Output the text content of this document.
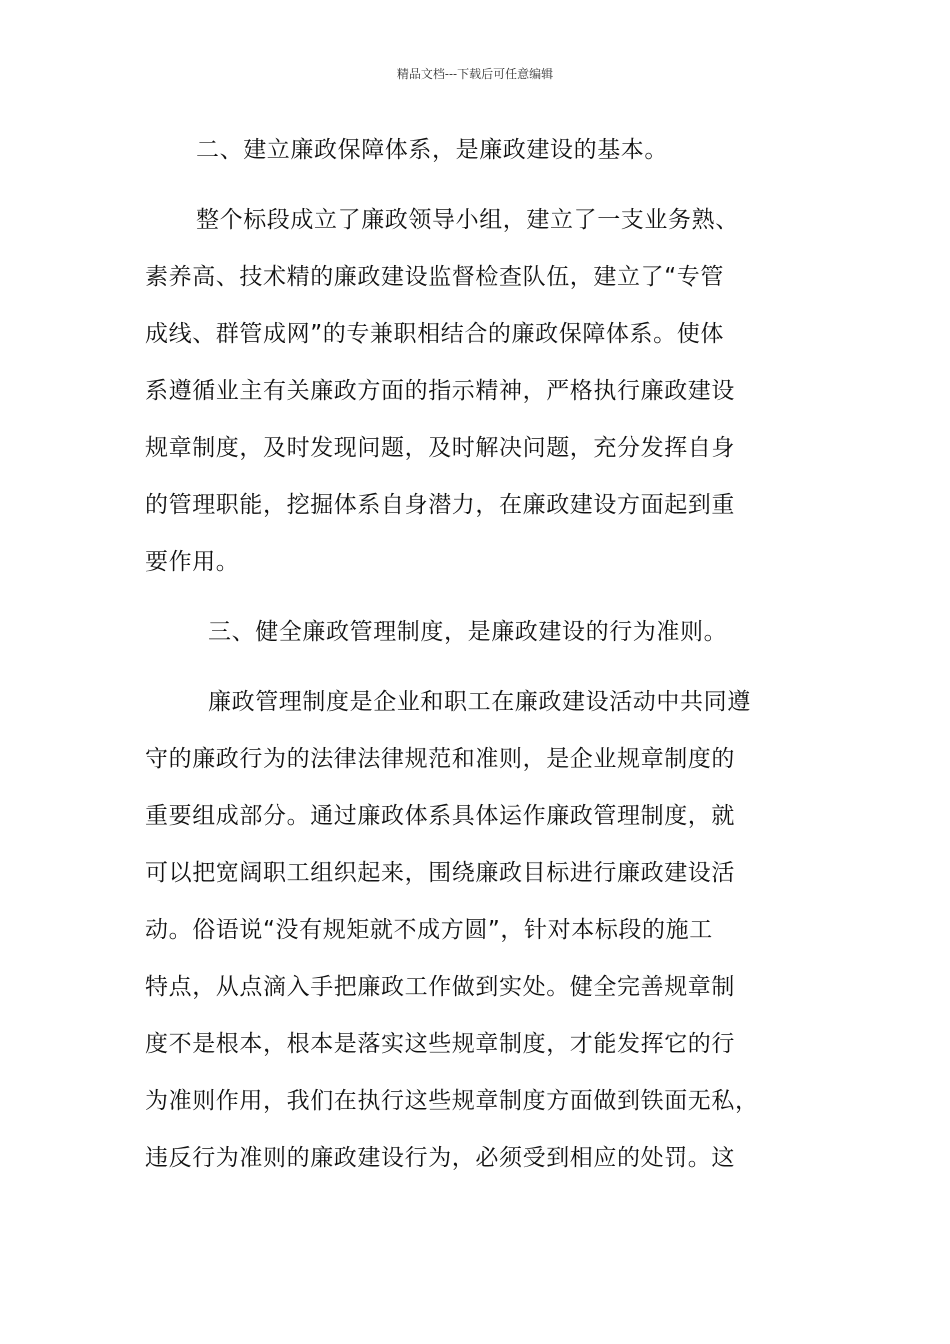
精品文档---下载后可任意编辑
二、建立廉政保障体系，是廉政建设的基本。
整个标段成立了廉政领导小组，建立了一支业务熟、
素养高、技术精的廉政建设监督检查队伍，建立了“专管
成线、群管成网”的专兼职相结合的廉政保障体系。使体
系遵循业主有关廉政方面的指示精神，严格执行廉政建设
规章制度，及时发现问题，及时解决问题，充分发挥自身
的管理职能，挖掘体系自身潜力，在廉政建设方面起到重
要作用。
三、健全廉政管理制度，是廉政建设的行为准则。
廉政管理制度是企业和职工在廉政建设活动中共同遵
守的廉政行为的法律法律规范和准则，是企业规章制度的
重要组成部分。通过廉政体系具体运作廉政管理制度，就
可以把宽阔职工组织起来，围绕廉政目标进行廉政建设活
动。俗语说“没有规矩就不成方圆”，针对本标段的施工
特点，从点滴入手把廉政工作做到实处。健全完善规章制
度不是根本，根本是落实这些规章制度，才能发挥它的行
为准则作用，我们在执行这些规章制度方面做到铁面无私，
违反行为准则的廉政建设行为，必须受到相应的处罚。这
